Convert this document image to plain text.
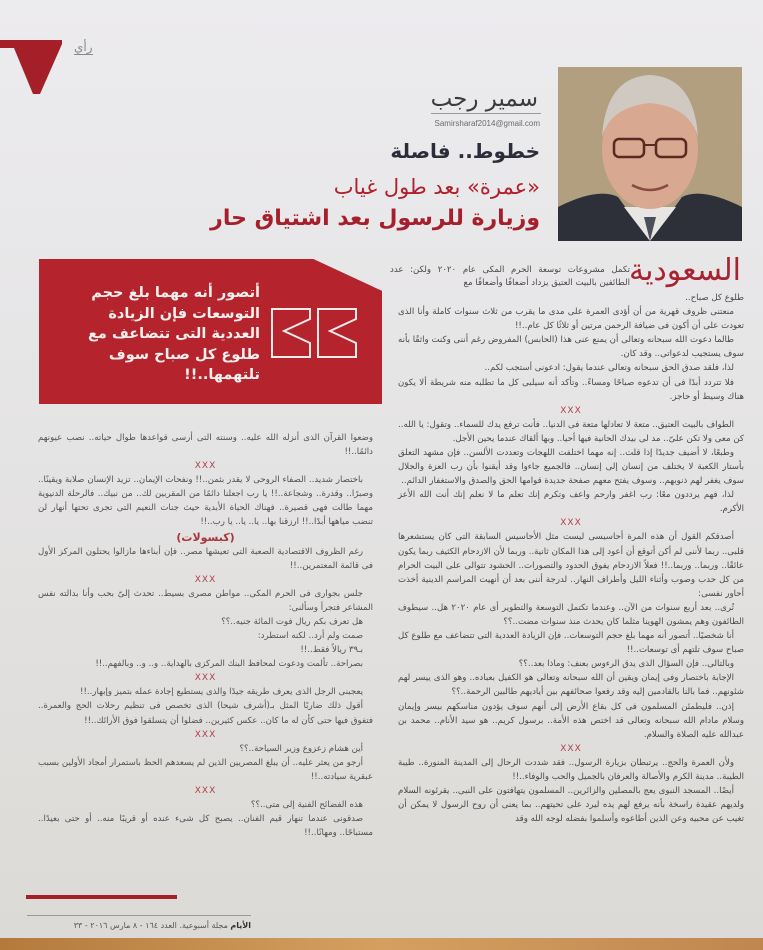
رأي
سمير رجب
Samirsharaf2014@gmail.com
خطوط.. فاصلة
«عمرة» بعد طول غياب
وزيارة للرسول بعد اشتياق حار
أتصور أنه مهما بلغ حجم التوسعات فإن الزيادة العددية التى تتضاعف مع طلوع كل صباح سوف تلتهمها..!!
السعودية
تكمل مشروعات توسعة الحرم المكى عام ٢٠٢٠ ولكن: عدد الطائفين بالبيت العتيق يزداد أضعافًا وأضعافًا مع

طلوع كل صباح..

منعتنى ظروف قهرية من أن أؤدى العمرة على مدى ما يقرب من ثلاث سنوات كاملة وأنا الذى تعودت على أن أكون فى ضيافة الرحمن مرتين أو ثلاثًا كل عام..!!

طالما دعوت الله سبحانه وتعالى أن يمنع عنى هذا (الحابس) المفروض رغم أننى وكنت واثقًا بأنه سوف يستجيب لدعواتى.. وقد كان.

لذا، فلقد صدق الحق سبحانه وتعالى عندما يقول: ادعونى أستجب لكم..

فلا تتردد أبدًا فى أن تدعوه صباحًا ومساءً.. وتأكد أنه سيلبى كل ما تطلبه منه شريطة ألا يكون هناك وسيط أو حاجز.

XXX

الطواف بالبيت العتيق.. متعة لا تعادلها متعة فى الدنيا.. فأنت ترفع يدك للسماء.. وتقول: يا الله.. كن معى ولا تكن علىّ.. مد لى بيدك الحانية فيها أحيا.. وبها ألقاك عندما يحين الأجل.

وطبعًا، لا أضيف جديدًا إذا قلت.. إنه مهما اختلفت اللهجات وتعددت الألسن.. فإن مشهد التعلق بأستار الكعبة لا يختلف من إنسان إلى إنسان.. فالجميع جاءوا وقد أيقنوا بأن رب العزة والجلال سوف يغفر لهم ذنوبهم.. وسوف يفتح معهم صفحة جديدة قوامها الحق والصدق والاستغفار الدائم..

لذا، فهم يرددون معًا: رب اغفر وارحم واعف وتكرم إنك تعلم ما لا نعلم إنك أنت الله الأعز الأكرم.

XXX

أصدقكم القول أن هذه المرة أحاسيسى ليست مثل الأحاسيس السابقة التى كان يستشعرها قلبى.. ربما لأننى لم أكن أتوقع أن أعود إلى هذا المكان ثانية.. وربما لأن الازدحام الكثيف ربما يكون عائقًا.. وربما.. وربما..!! فعلاً الازدحام يفوق الحدود والتصورات.. الحشود تتوالى على البيت الحرام من كل حدب وصوب وأثناء الليل وأطراف النهار.. لدرجة أننى بعد أن أنهيت المراسم الدينية أخذت أحاور نفسى:

تُرى.. بعد أربع سنوات من الآن.. وعندما تكتمل التوسعة والتطوير أى عام ٢٠٢٠ هل.. سيطوف الطائفون وهم يمشون الهوينا مثلما كان يحدث منذ سنوات مضت..؟؟

أنا شخصيًا.. أتصور أنه مهما بلغ حجم التوسعات.. فإن الزيادة العددية التى تتضاعف مع طلوع كل صباح سوف تلتهم أى توسعات..!!

وبالتالى.. فإن السؤال الذى يدق الرءوس بعنف: وماذا بعد..؟؟

الإجابة باختصار وفى إيمان ويقين أن الله سبحانه وتعالى هو الكفيل بعباده.. وهو الذى ييسر لهم شئونهم.. فما بالنا بالقادمين إليه وقد رفعوا صحائفهم بين أياديهم طالبين الرحمة..؟؟

إذن.. فليطمئن المسلمون فى كل بقاع الأرض إلى أنهم سوف يؤدون مناسكهم بيسر وإيمان وسلام مادام الله سبحانه وتعالى قد اختص هذه الأمة.. برسول كريم.. هو سيد الأنام.. محمد بن عبدالله عليه الصلاة والسلام.

XXX

ولأن العمرة والحج.. يرتبطان بزيارة الرسول.. فقد شددت الرحال إلى المدينة المنورة.. طيبة الطيبة.. مدينة الكرم والأصالة والعرفان بالجميل والحب والوفاء..!!

أيضًا.. المسجد النبوى يعج بالمصلين والزائرين.. المسلمون يتهافتون على النبى.. يقرئونه السلام ولديهم عقيدة راسخة بأنه يرفع لهم يده ليرد على تحيتهم.. بما يعنى أن روح الرسول لا يمكن أن تغيب عن محبيه وعن الذين أطاعوه وأسلموا بفضله لوجه الله وقد

وضعوا القرآن الذى أنزله الله عليه.. وسنته التى أرسى قواعدها طوال حياته.. نصب عيونهم دائمًا..!!

XXX

باختصار شديد.. الصفاء الروحى لا يقدر بثمن..!! ونفحات الإيمان.. تزيد الإنسان صلابة ويقينًا.. وصبرًا.. وقدرة.. وشجاعة..!! يا رب اجعلنا دائمًا من المقربين لك.. من نبيك.. فالرحلة الدنيوية مهما طالت فهى قصيرة.. فهناك الحياة الأبدية حيث جنات النعيم التى تجرى تحتها أنهار لن تنضب مياهها أبدًا..!! ارزقنا بها.. يا.. يا.. يا رب..!!

(كبسولات)

رغم الظروف الاقتصادية الصعبة التى تعيشها مصر.. فإن أبناءها مازالوا يحتلون المركز الأول فى قائمة المعتمرين..!!

XXX

جلس بجوارى فى الحرم المكى.. مواطن مصرى بسيط.. تحدث إلىّ بحب وأنا بدالته نفس المشاعر فتجرأ وسألنى:

هل تعرف بكم ريال فوت المائة جنيه..؟؟

صمت ولم أرد.. لكنه استطرد:

بـ٣٩ ريالاً فقط..!!

بصراحة.. تألمت ودعوت لمحافظ البنك المركزى بالهداية.. و.. و.. وبالفهم..!!

XXX

يعجبنى الرجل الذى يعرف طريقه جيدًا والذى يستطيع إجادة عمله بتميز وإبهار..!!

أقول ذلك ضاربًا المثل بـ(أشرف شيحا) الذى تخصص فى تنظيم رحلات الحج والعمرة.. فتفوق فيها حتى كأن له ما كان.. عكس كثيرين.. فضلوا أن يتسلقوا فوق الأرائك..!!

XXX

أين هشام زعزوع وزير السياحة..؟؟

أرجو من يعثر عليه.. أن يبلغ المصريين الذين لم يسعدهم الحظ باستمرار أمجاد الأولين بسبب عبقرية سيادته..!!

XXX

هذه الفضائح الفنية إلى متى..؟؟

صدقونى عندما تنهار قيم الفنان.. يصبح كل شىء عنده أو قريبًا منه.. أو حتى بعيدًا.. مستباحًا.. ومهانًا..!!

الأيام مجلة أسبوعية. العدد ١٦٤ - ٨ مارس ٢٠١٦ - ٣٣
